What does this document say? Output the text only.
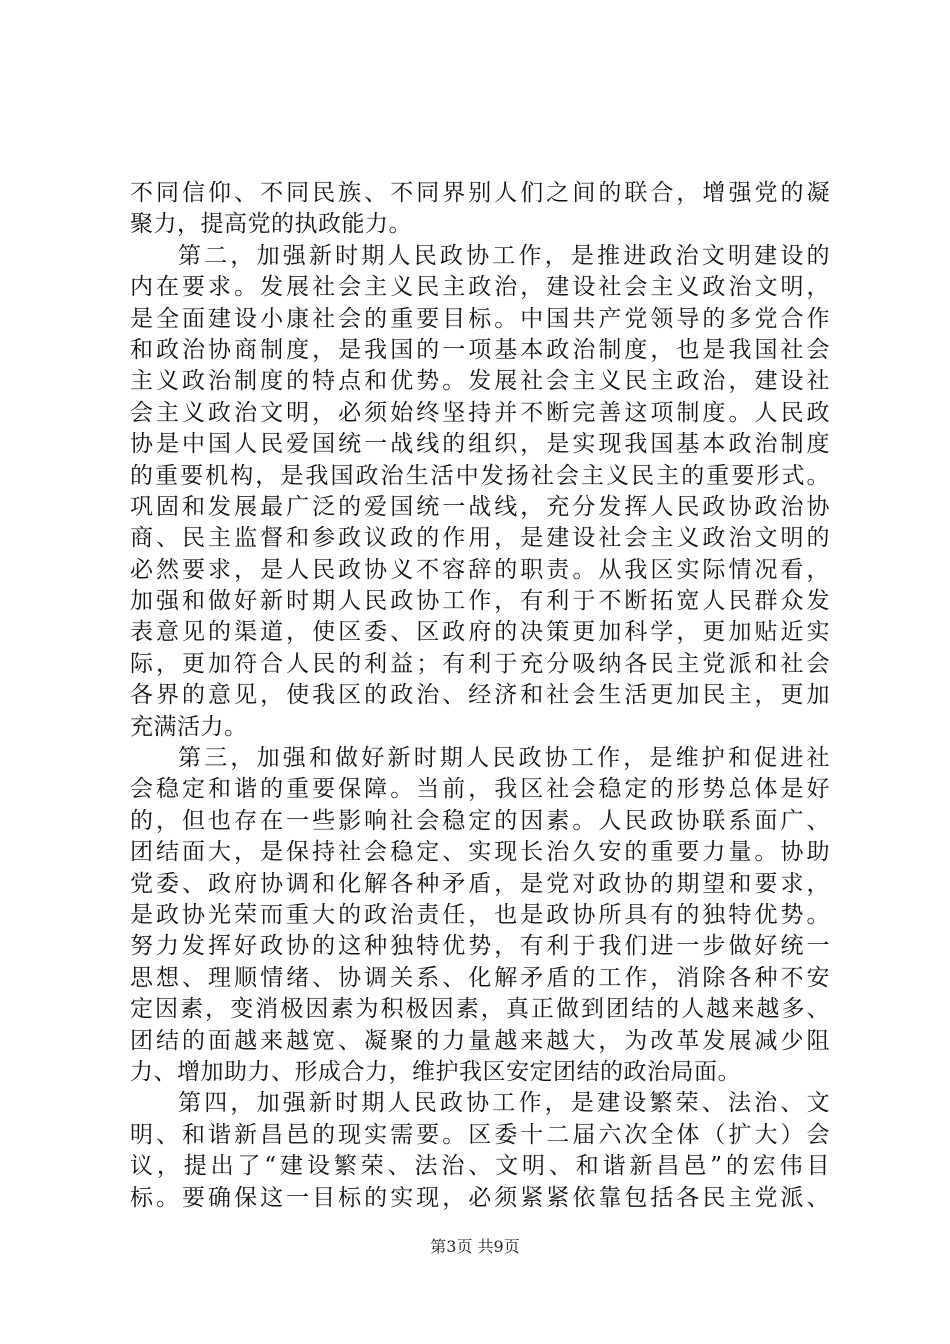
不同信仰、不同民族、不同界别人们之间的联合，增强党的凝
聚力，提高党的执政能力。
第二，加强新时期人民政协工作，是推进政治文明建设的
内在要求。发展社会主义民主政治，建设社会主义政治文明，
是全面建设小康社会的重要目标。中国共产党领导的多党合作
和政治协商制度，是我国的一项基本政治制度，也是我国社会
主义政治制度的特点和优势。发展社会主义民主政治，建设社
会主义政治文明，必须始终坚持并不断完善这项制度。人民政
协是中国人民爱国统一战线的组织，是实现我国基本政治制度
的重要机构，是我国政治生活中发扬社会主义民主的重要形式。
巩固和发展最广泛的爱国统一战线，充分发挥人民政协政治协
商、民主监督和参政议政的作用，是建设社会主义政治文明的
必然要求，是人民政协义不容辞的职责。从我区实际情况看，
加强和做好新时期人民政协工作，有利于不断拓宽人民群众发
表意见的渠道，使区委、区政府的决策更加科学，更加贴近实
际，更加符合人民的利益；有利于充分吸纳各民主党派和社会
各界的意见，使我区的政治、经济和社会生活更加民主，更加
充满活力。
第三，加强和做好新时期人民政协工作，是维护和促进社
会稳定和谐的重要保障。当前，我区社会稳定的形势总体是好
的，但也存在一些影响社会稳定的因素。人民政协联系面广、
团结面大，是保持社会稳定、实现长治久安的重要力量。协助
党委、政府协调和化解各种矛盾，是党对政协的期望和要求，
是政协光荣而重大的政治责任，也是政协所具有的独特优势。
努力发挥好政协的这种独特优势，有利于我们进一步做好统一
思想、理顺情绪、协调关系、化解矛盾的工作，消除各种不安
定因素，变消极因素为积极因素，真正做到团结的人越来越多、
团结的面越来越宽、凝聚的力量越来越大，为改革发展减少阻
力、增加助力、形成合力，维护我区安定团结的政治局面。
第四，加强新时期人民政协工作，是建设繁荣、法治、文
明、和谐新昌邑的现实需要。区委十二届六次全体（扩大）会
议，提出了“建设繁荣、法治、文明、和谐新昌邑”的宏伟目
标。要确保这一目标的实现，必须紧紧依靠包括各民主党派、
第3页 共9页
